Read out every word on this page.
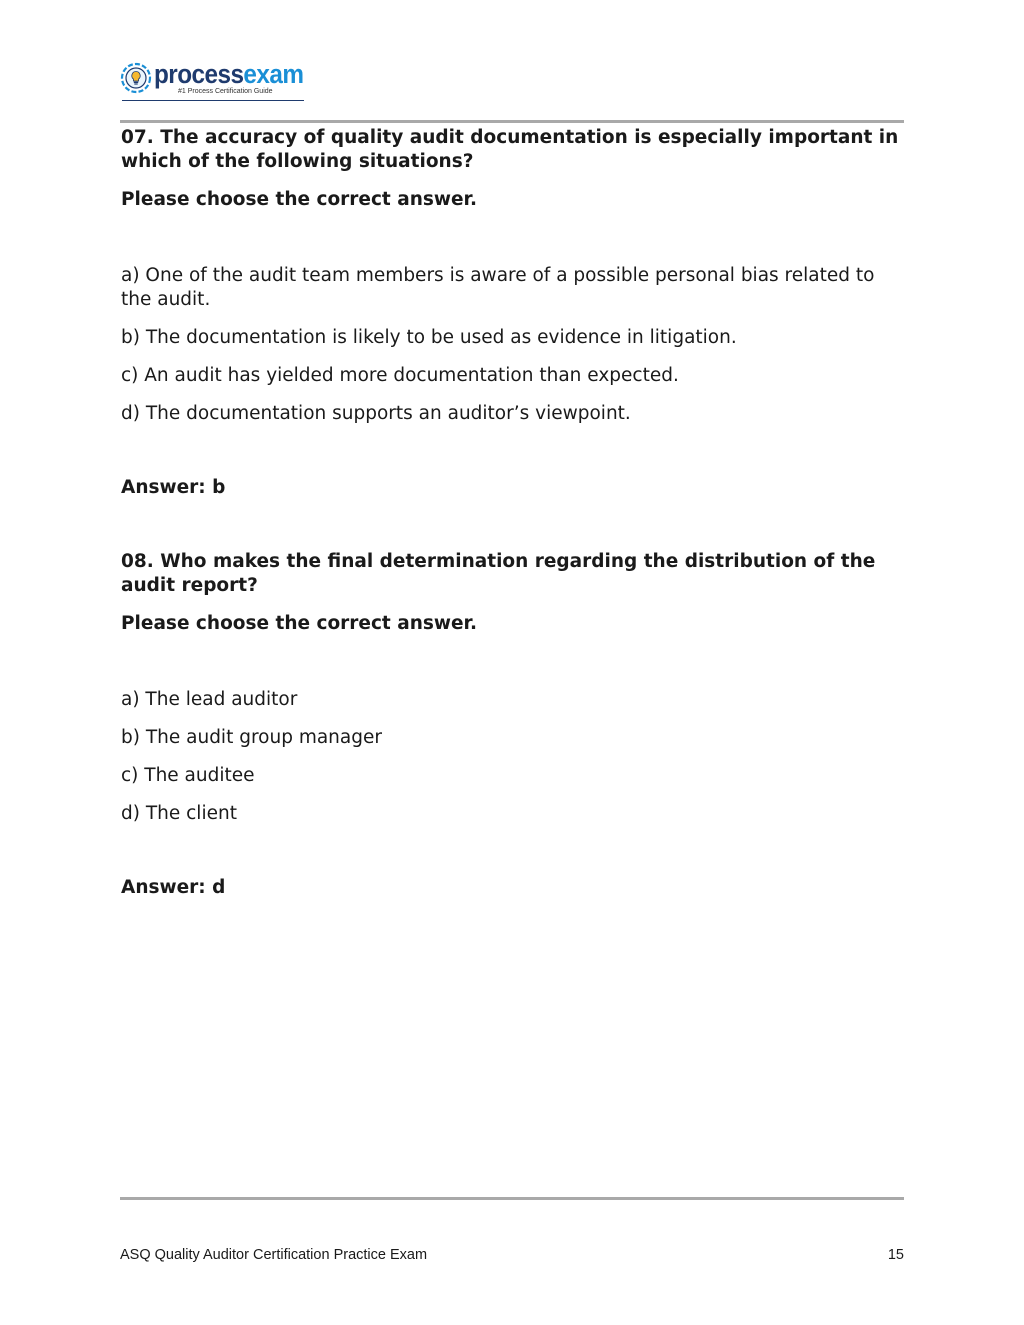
processexam
#1 Process Certification Guide

07. The accuracy of quality audit documentation is especially important in which of the following situations?

Please choose the correct answer.

a) One of the audit team members is aware of a possible personal bias related to the audit.

b) The documentation is likely to be used as evidence in litigation.

c) An audit has yielded more documentation than expected.

d) The documentation supports an auditor’s viewpoint.

Answer: b

08. Who makes the final determination regarding the distribution of the audit report?

Please choose the correct answer.

a) The lead auditor

b) The audit group manager

c) The auditee

d) The client

Answer: d

ASQ Quality Auditor Certification Practice Exam	15
